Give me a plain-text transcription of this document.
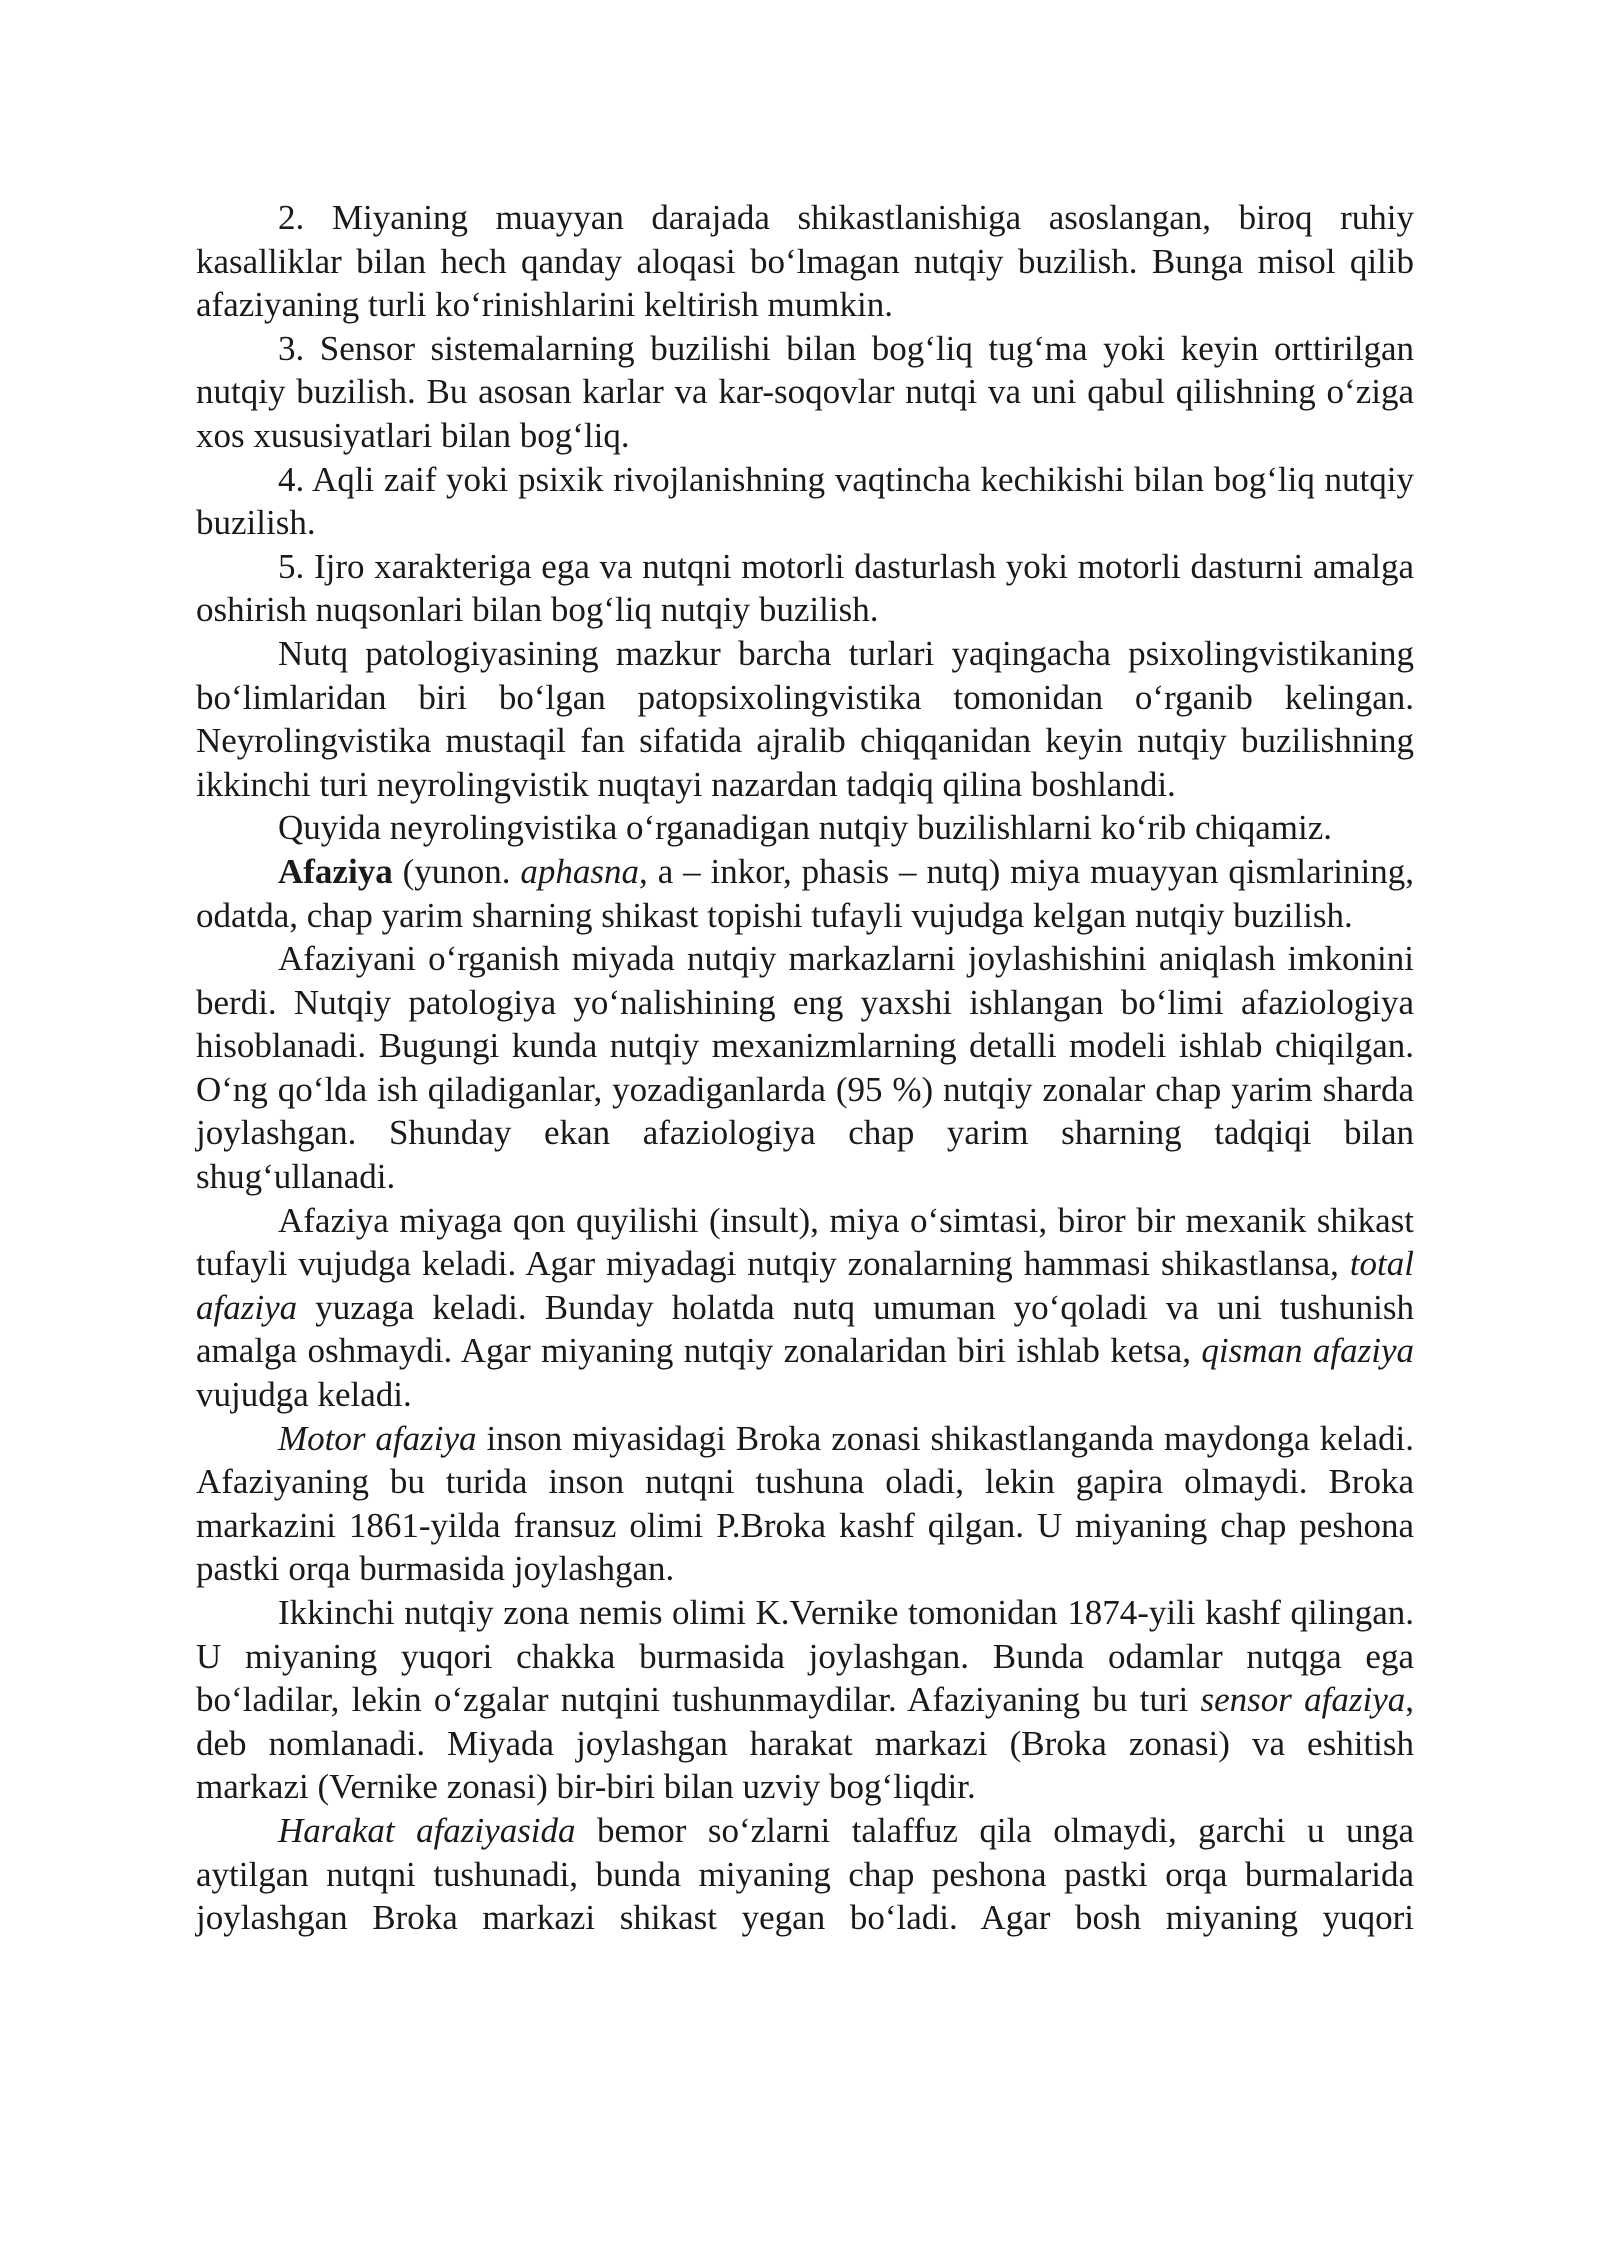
2. Miyaning muayyan darajada shikastlanishiga asoslangan, biroq ruhiy kasalliklar bilan hech qanday aloqasi boʻlmagan nutqiy buzilish. Bunga misol qilib afaziyaning turli koʻrinishlarini keltirish mumkin.

3. Sensor sistemalarning buzilishi bilan bogʻliq tugʻma yoki keyin orttirilgan nutqiy buzilish. Bu asosan karlar va kar-soqovlar nutqi va uni qabul qilishning oʻziga xos xususiyatlari bilan bogʻliq.

4. Aqli zaif yoki psixik rivojlanishning vaqtincha kechikishi bilan bogʻliq nutqiy buzilish.

5. Ijro xarakteriga ega va nutqni motorli dasturlash yoki motorli dasturni amalga oshirish nuqsonlari bilan bogʻliq nutqiy buzilish.

Nutq patologiyasining mazkur barcha turlari yaqingacha psixolingvistikaning boʻlimlaridan biri boʻlgan patopsixolingvistika tomonidan oʻrganib kelingan. Neyrolingvistika mustaqil fan sifatida ajralib chiqqanidan keyin nutqiy buzilishning ikkinchi turi neyrolingvistik nuqtayi nazardan tadqiq qilina boshlandi.

Quyida neyrolingvistika oʻrganadigan nutqiy buzilishlarni koʻrib chiqamiz.

Afaziya (yunon. aphasna, a – inkor, phasis – nutq) miya muayyan qismlarining, odatda, chap yarim sharning shikast topishi tufayli vujudga kelgan nutqiy buzilish.

Afaziyani oʻrganish miyada nutqiy markazlarni joylashishini aniqlash imkonini berdi. Nutqiy patologiya yoʻnalishining eng yaxshi ishlangan boʻlimi afaziologiya hisoblanadi. Bugungi kunda nutqiy mexanizmlarning detalli modeli ishlab chiqilgan. Oʻng qoʻlda ish qiladiganlar, yozadiganlarda (95 %) nutqiy zonalar chap yarim sharda joylashgan. Shunday ekan afaziologiya chap yarim sharning tadqiqi bilan shugʻullanadi.

Afaziya miyaga qon quyilishi (insult), miya oʻsimtasi, biror bir mexanik shikast tufayli vujudga keladi. Agar miyadagi nutqiy zonalarning hammasi shikastlansa, total afaziya yuzaga keladi. Bunday holatda nutq umuman yoʻqoladi va uni tushunish amalga oshmaydi. Agar miyaning nutqiy zonalaridan biri ishlab ketsa, qisman afaziya vujudga keladi.

Motor afaziya inson miyasidagi Broka zonasi shikastlanganda maydonga keladi. Afaziyaning bu turida inson nutqni tushuna oladi, lekin gapira olmaydi. Broka markazini 1861-yilda fransuz olimi P.Broka kashf qilgan. U miyaning chap peshona pastki orqa burmasida joylashgan.

Ikkinchi nutqiy zona nemis olimi K.Vernike tomonidan 1874-yili kashf qilingan. U miyaning yuqori chakka burmasida joylashgan. Bunda odamlar nutqga ega boʻladilar, lekin oʻzgalar nutqini tushunmaydilar. Afaziyaning bu turi sensor afaziya, deb nomlanadi. Miyada joylashgan harakat markazi (Broka zonasi) va eshitish markazi (Vernike zonasi) bir-biri bilan uzviy bogʻliqdir.

Harakat afaziyasida bemor soʻzlarni talaffuz qila olmaydi, garchi u unga aytilgan nutqni tushunadi, bunda miyaning chap peshona pastki orqa burmalarida joylashgan Broka markazi shikast yegan boʻladi. Agar bosh miyaning yuqori
